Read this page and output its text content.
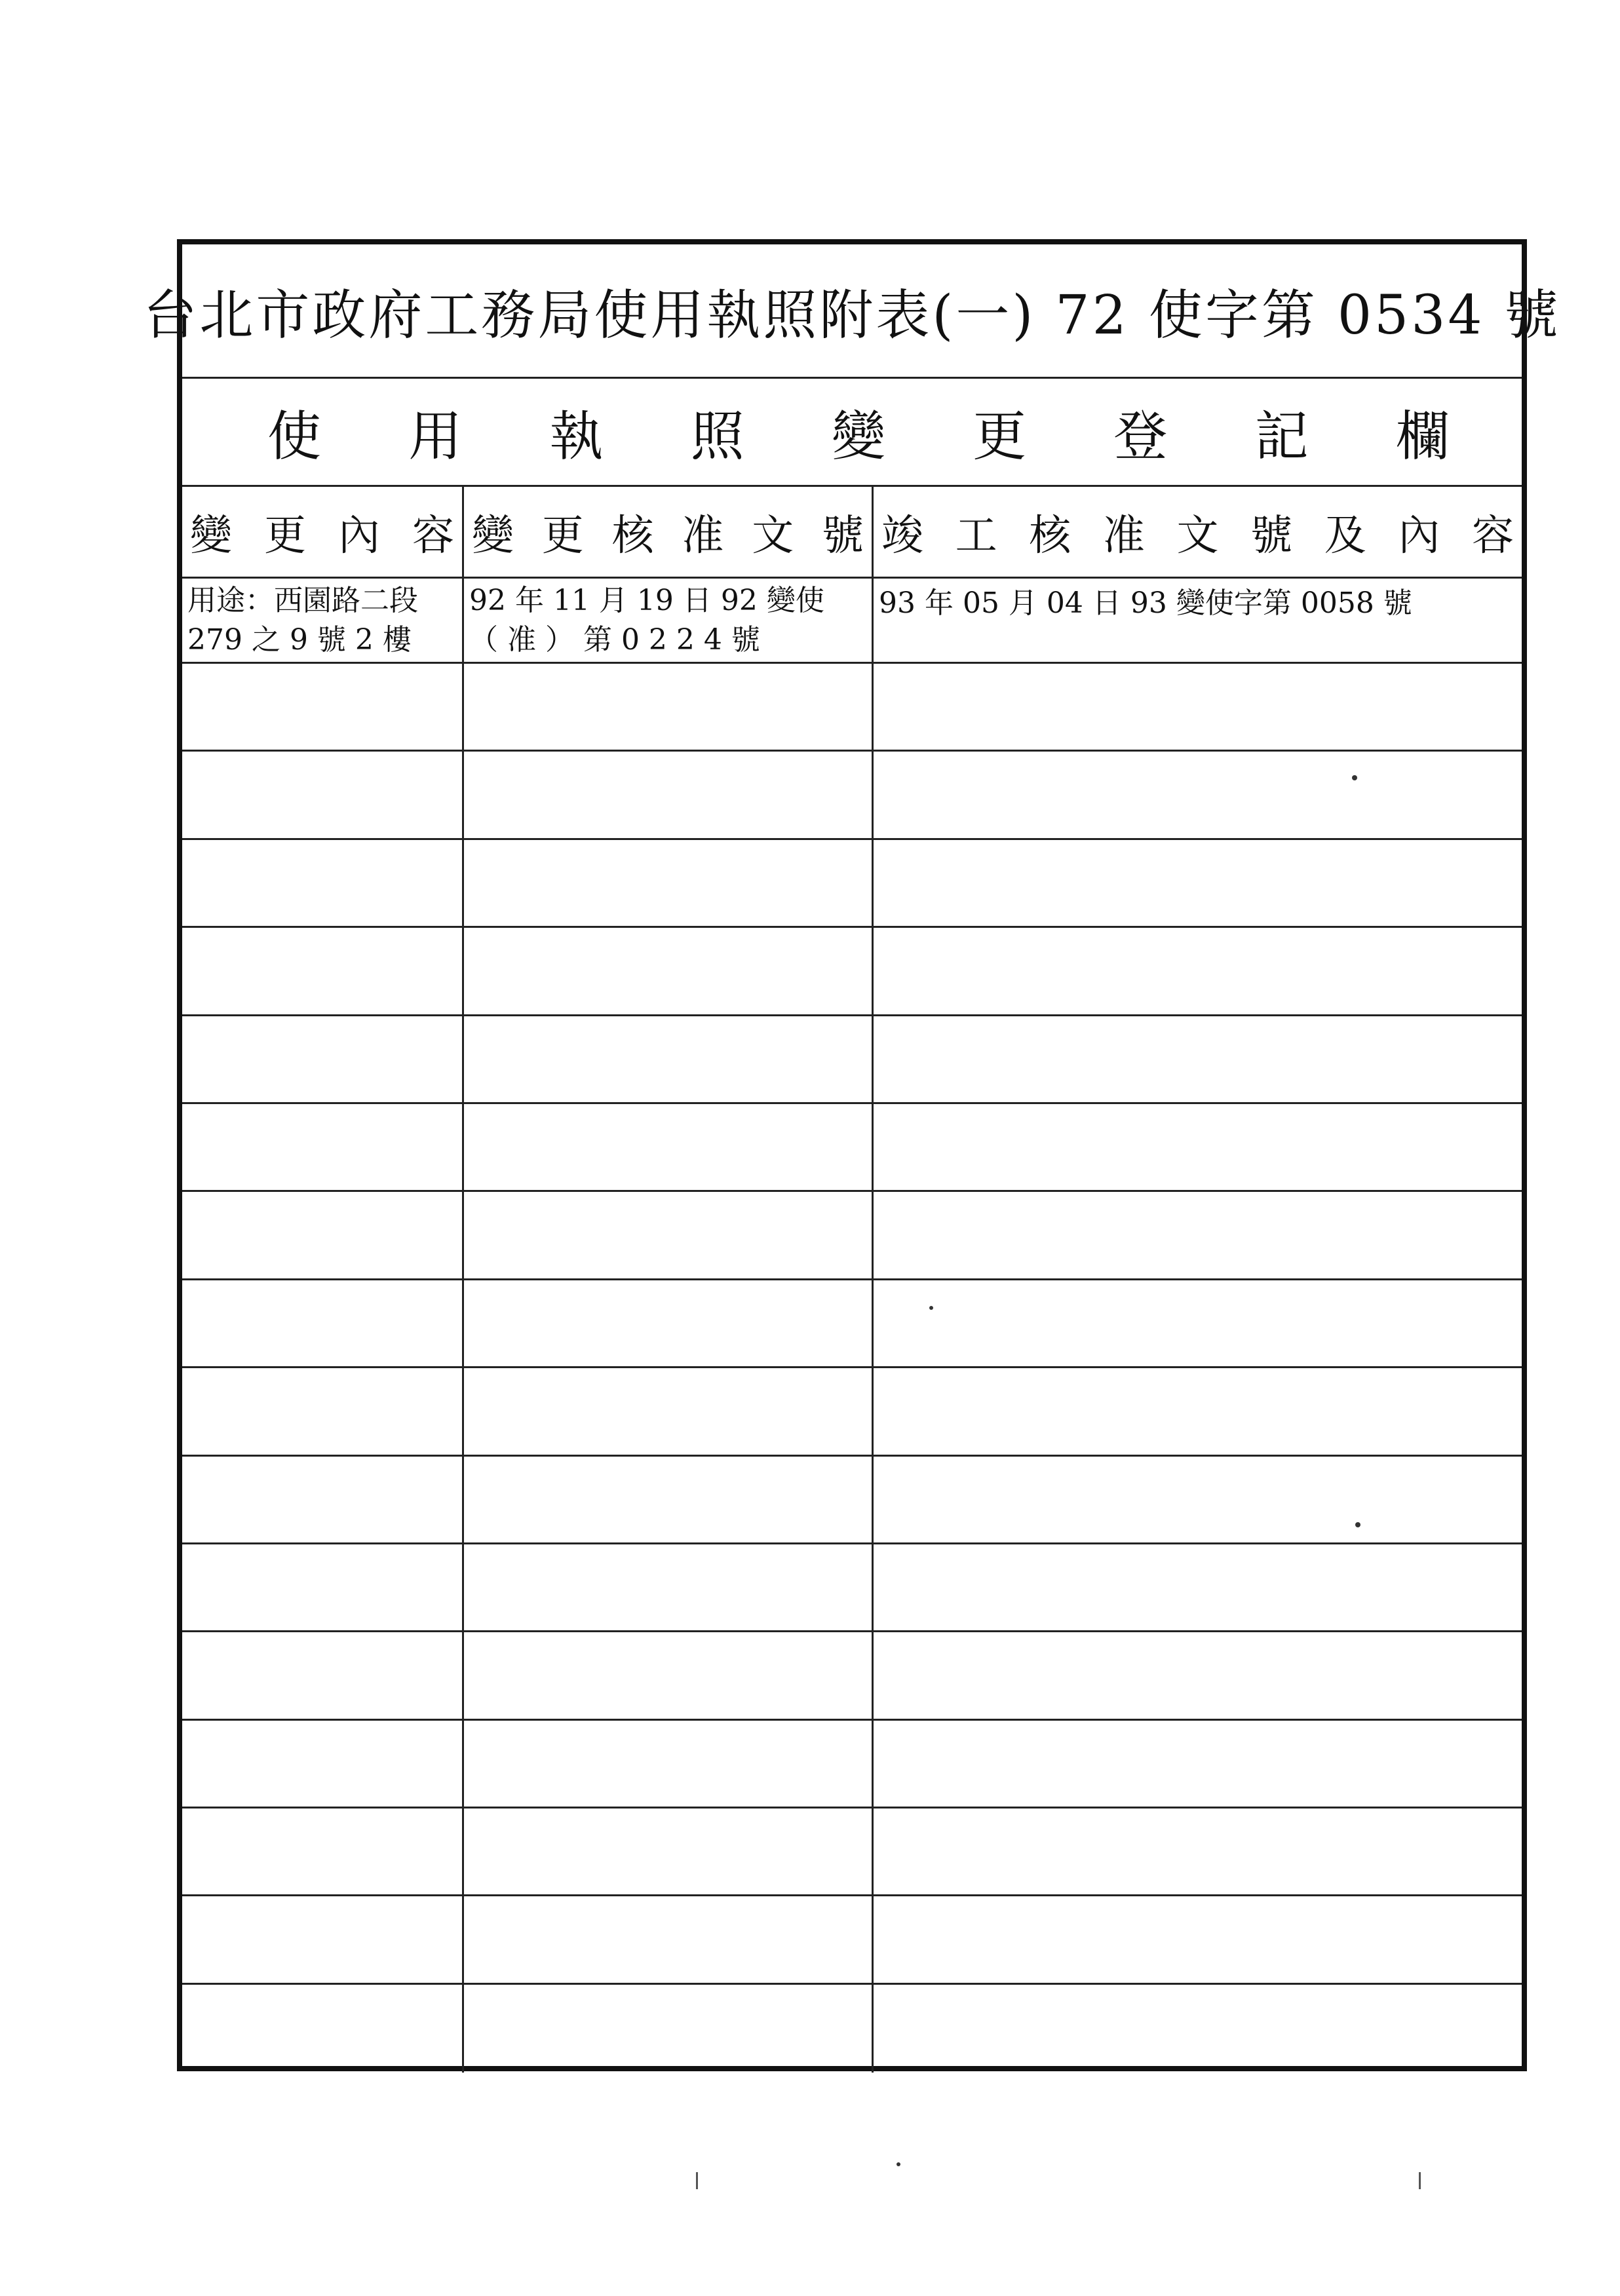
台北市政府工務局使用執照附表(一) 72 使字第 0534 號
使 用 執 照 變 更 登 記 欄
變 更 內 容 變 更 核 准 文 號 竣 工 核 准 文 號 及 內 容
用途：西園路二段
279 之 9 號 2 樓
92 年 11 月 19 日 92 變使
（ 准 ） 第 0 2 2 4 號
93 年 05 月 04 日 93 變使字第 0058 號
